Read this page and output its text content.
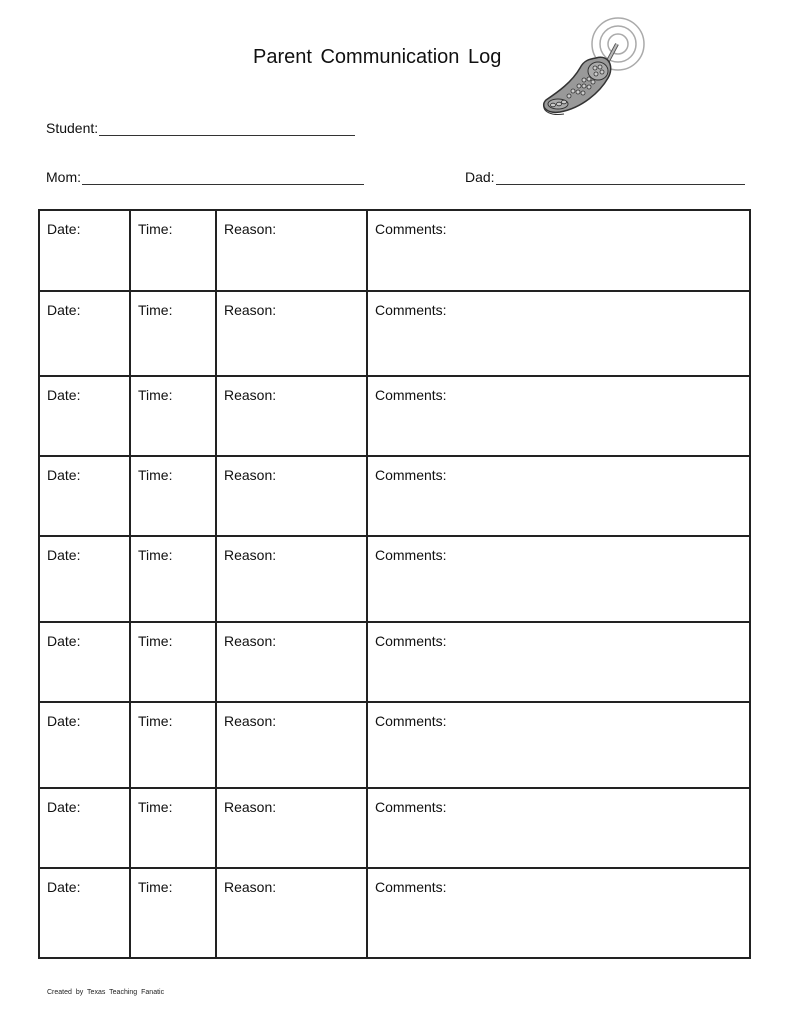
Parent Communication Log
Student:
Mom:	Dad:
Date:	Time:	Reason:	Comments:
Date:	Time:	Reason:	Comments:
Date:	Time:	Reason:	Comments:
Date:	Time:	Reason:	Comments:
Date:	Time:	Reason:	Comments:
Date:	Time:	Reason:	Comments:
Date:	Time:	Reason:	Comments:
Date:	Time:	Reason:	Comments:
Date:	Time:	Reason:	Comments:
Created by Texas Teaching Fanatic
